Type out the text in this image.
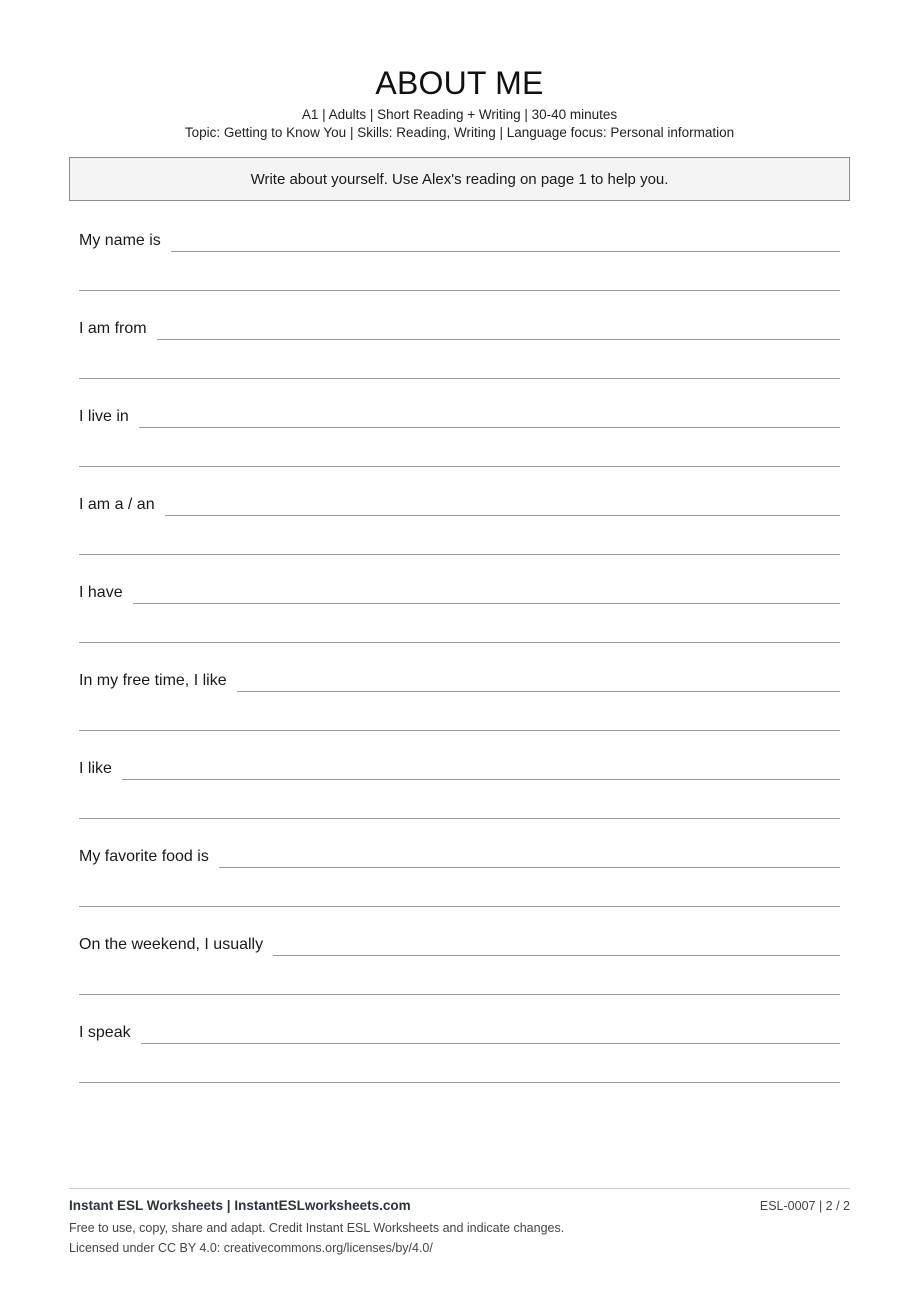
ABOUT ME
A1 | Adults | Short Reading + Writing | 30-40 minutes
Topic: Getting to Know You | Skills: Reading, Writing | Language focus: Personal information
Write about yourself. Use Alex's reading on page 1 to help you.
My name is
I am from
I live in
I am a / an
I have
In my free time, I like
I like
My favorite food is
On the weekend, I usually
I speak
Instant ESL Worksheets | InstantESLworksheets.com	ESL-0007 | 2 / 2
Free to use, copy, share and adapt. Credit Instant ESL Worksheets and indicate changes.
Licensed under CC BY 4.0: creativecommons.org/licenses/by/4.0/
